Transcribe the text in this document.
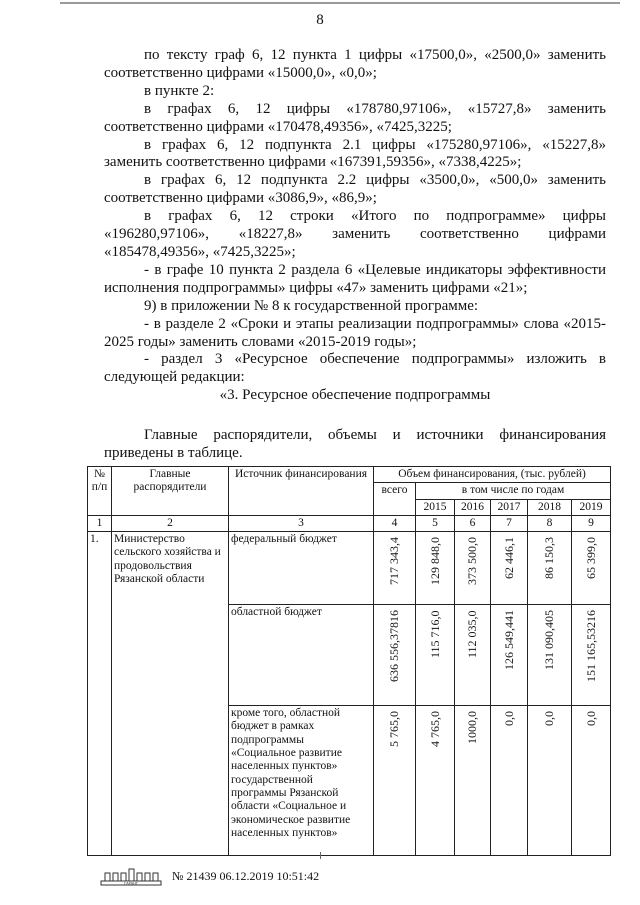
8

по тексту граф 6, 12 пункта 1 цифры «17500,0», «2500,0» заменить соответственно цифрами «15000,0», «0,0»;

в пункте 2:

в графах 6, 12 цифры «178780,97106», «15727,8» заменить соответственно цифрами «170478,49356», «7425,3225;

в графах 6, 12 подпункта 2.1 цифры «175280,97106», «15227,8» заменить соответственно цифрами «167391,59356», «7338,4225»;

в графах 6, 12 подпункта 2.2 цифры «3500,0», «500,0» заменить соответственно цифрами «3086,9», «86,9»;

в графах 6, 12 строки «Итого по подпрограмме» цифры «196280,97106», «18227,8» заменить соответственно цифрами «185478,49356», «7425,3225»;

- в графе 10 пункта 2 раздела 6 «Целевые индикаторы эффективности исполнения подпрограммы» цифры «47» заменить цифрами «21»;

9) в приложении № 8 к государственной программе:

- в разделе 2 «Сроки и этапы реализации подпрограммы» слова «2015-2025 годы» заменить словами «2015-2019 годы»;

- раздел 3 «Ресурсное обеспечение подпрограммы» изложить в следующей редакции:

«3. Ресурсное обеспечение подпрограммы

Главные распорядители, объемы и источники финансирования приведены в таблице.

№ п/п	Главные распорядители	Источник финансирования	Объем финансирования, (тыс. рублей)					
			всего	в том числе по годам				
				2015	2016	2017	2018	2019
1	2	3	4	5	6	7	8	9
1.	Министерство сельского хозяйства и продовольствия Рязанской области	федеральный бюджет	717 343,4	129 848,0	373 500,0	62 446,1	86 150,3	65 399,0

		областной бюджет	636 556,37816	115 716,0	112 035,0	126 549,441	131 090,405	151 165,53216

		кроме того, областной бюджет в рамках подпрограммы «Социальное развитие населенных пунктов» государственной программы Рязанской области «Социальное и экономическое развитие населенных пунктов»	5 765,0	4 765,0	1000,0	0,0	0,0	0,0
ГАРАНТ
№ 21439 06.12.2019 10:51:42
